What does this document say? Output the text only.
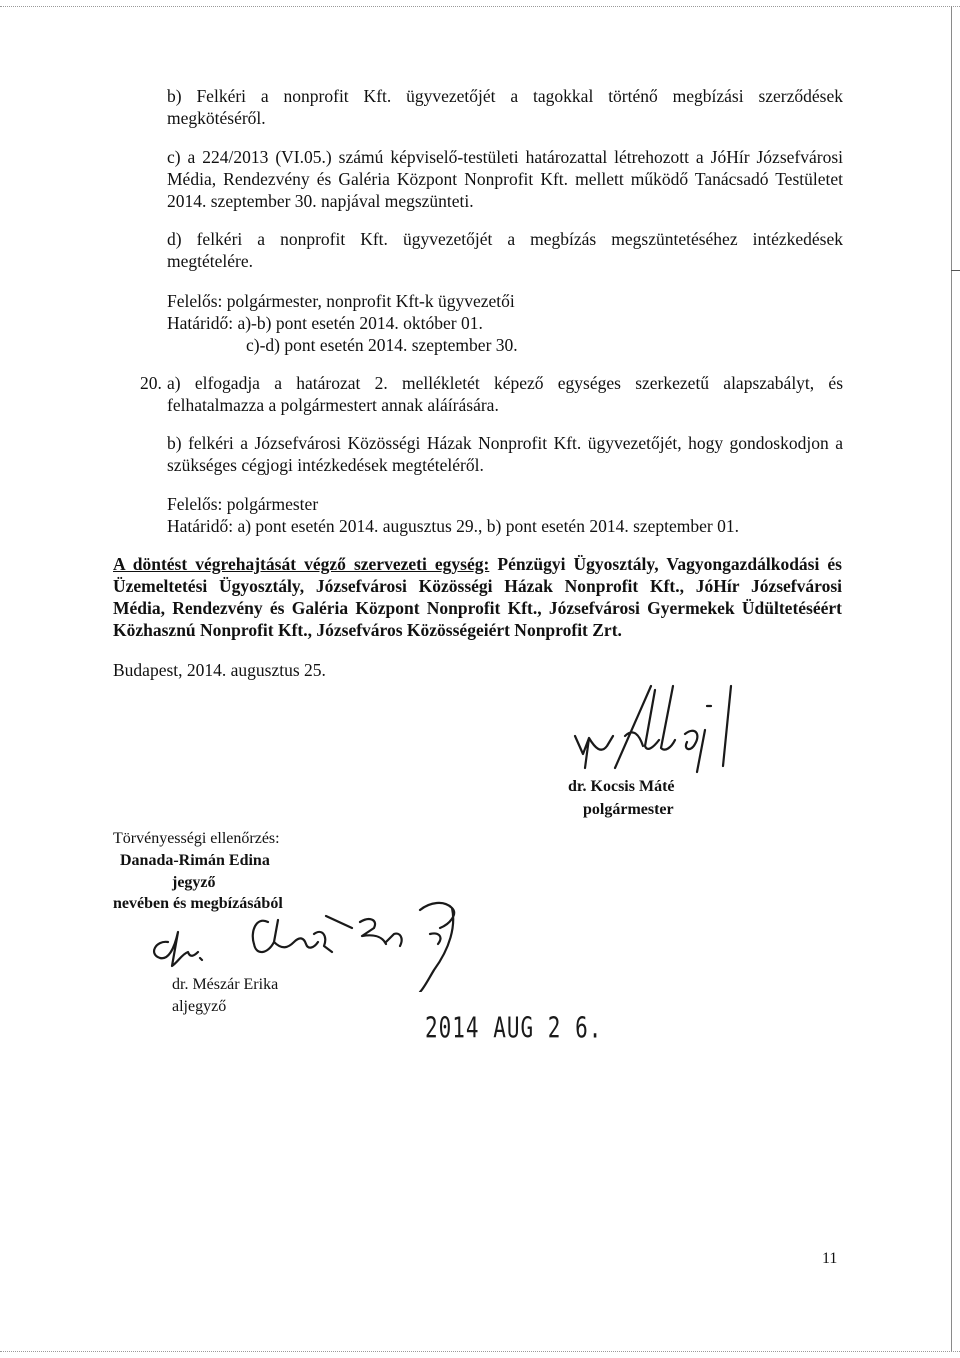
b) Felkéri a nonprofit Kft. ügyvezetőjét a tagokkal történő megbízási szerződések
megkötéséről.
c) a 224/2013 (VI.05.) számú képviselő-testületi határozattal létrehozott a JóHír Józsefvárosi
Média, Rendezvény és Galéria Központ Nonprofit Kft. mellett működő Tanácsadó Testületet
2014. szeptember 30. napjával megszünteti.
d) felkéri a nonprofit Kft. ügyvezetőjét a megbízás megszüntetéséhez intézkedések
megtételére.
Felelős: polgármester, nonprofit Kft-k ügyvezetői
Határidő: a)-b) pont esetén 2014. október 01.
c)-d) pont esetén 2014. szeptember 30.
20. a) elfogadja a határozat 2. mellékletét képező egységes szerkezetű alapszabályt, és
felhatalmazza a polgármestert annak aláírására.
b) felkéri a Józsefvárosi Közösségi Házak Nonprofit Kft. ügyvezetőjét, hogy gondoskodjon a
szükséges cégjogi intézkedések megtételéről.
Felelős: polgármester
Határidő: a) pont esetén 2014. augusztus 29., b) pont esetén 2014. szeptember 01.
A döntést végrehajtását végző szervezeti egység: Pénzügyi Ügyosztály, Vagyongazdálkodási és
Üzemeltetési Ügyosztály, Józsefvárosi Közösségi Házak Nonprofit Kft., JóHír Józsefvárosi
Média, Rendezvény és Galéria Központ Nonprofit Kft., Józsefvárosi Gyermekek Üdültetéséért
Közhasznú Nonprofit Kft., Józsefváros Közösségeiért Nonprofit Zrt.
Budapest, 2014. augusztus 25.
dr. Kocsis Máté
polgármester
Törvényességi ellenőrzés:
Danada-Rimán Edina
jegyző
nevében és megbízásából
dr. Mészár Erika
aljegyző
2014 AUG 2 6.
11
